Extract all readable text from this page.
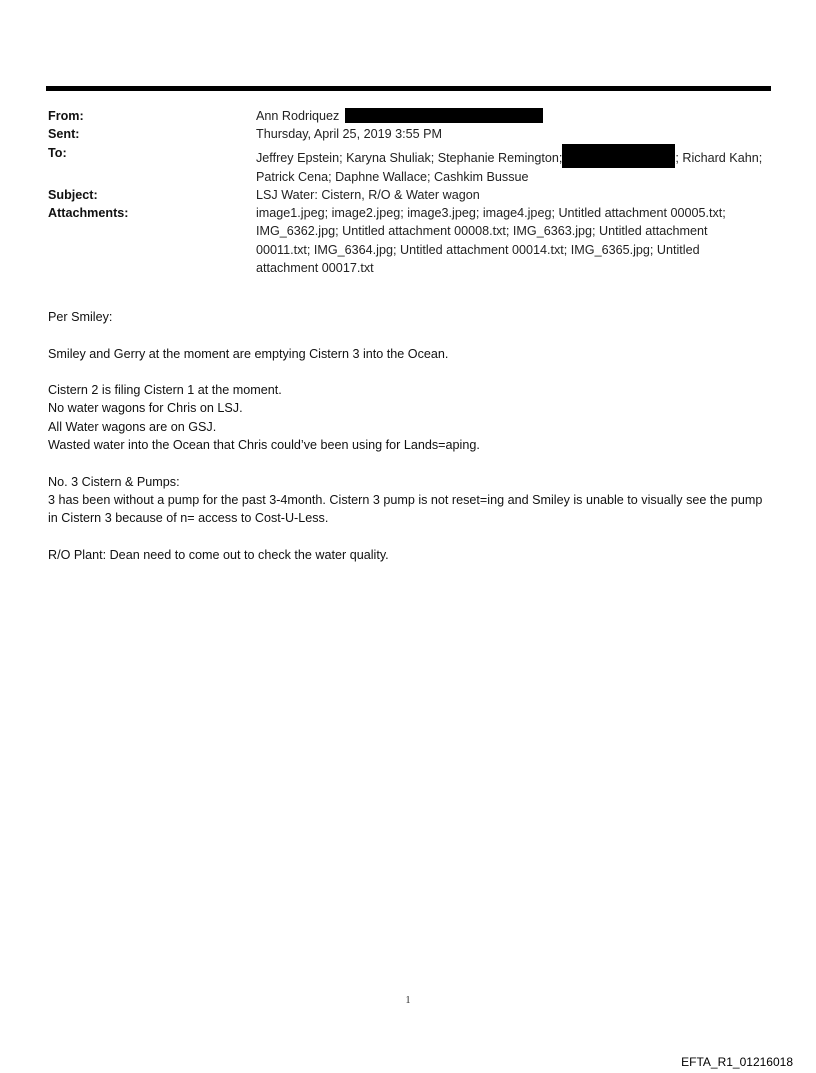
From:	Ann Rodriquez
Sent:	Thursday, April 25, 2019 3:55 PM
To:	Jeffrey Epstein; Karyna Shuliak; Stephanie Remington;	; Richard Kahn; Patrick Cena; Daphne Wallace; Cashkim Bussue
Subject:	LSJ Water: Cistern, R/O & Water wagon
Attachments:	image1.jpeg; image2.jpeg; image3.jpeg; image4.jpeg; Untitled attachment 00005.txt; IMG_6362.jpg; Untitled attachment 00008.txt; IMG_6363.jpg; Untitled attachment 00011.txt; IMG_6364.jpg; Untitled attachment 00014.txt; IMG_6365.jpg; Untitled attachment 00017.txt

Per Smiley:

Smiley and Gerry at the moment are emptying Cistern 3 into the Ocean.

Cistern 2 is filing Cistern 1 at the moment.

No water wagons for Chris on LSJ.

All Water wagons are on GSJ.

Wasted water into the Ocean that Chris could’ve been using for Lands=aping.

No. 3 Cistern & Pumps:

3 has been without a pump for the past 3-4month. Cistern 3 pump is not reset=ing and Smiley is unable to visually see the pump in Cistern 3 because of n= access to Cost-U-Less.

R/O Plant: Dean need to come out to check the water quality.

1
EFTA_R1_01216018
